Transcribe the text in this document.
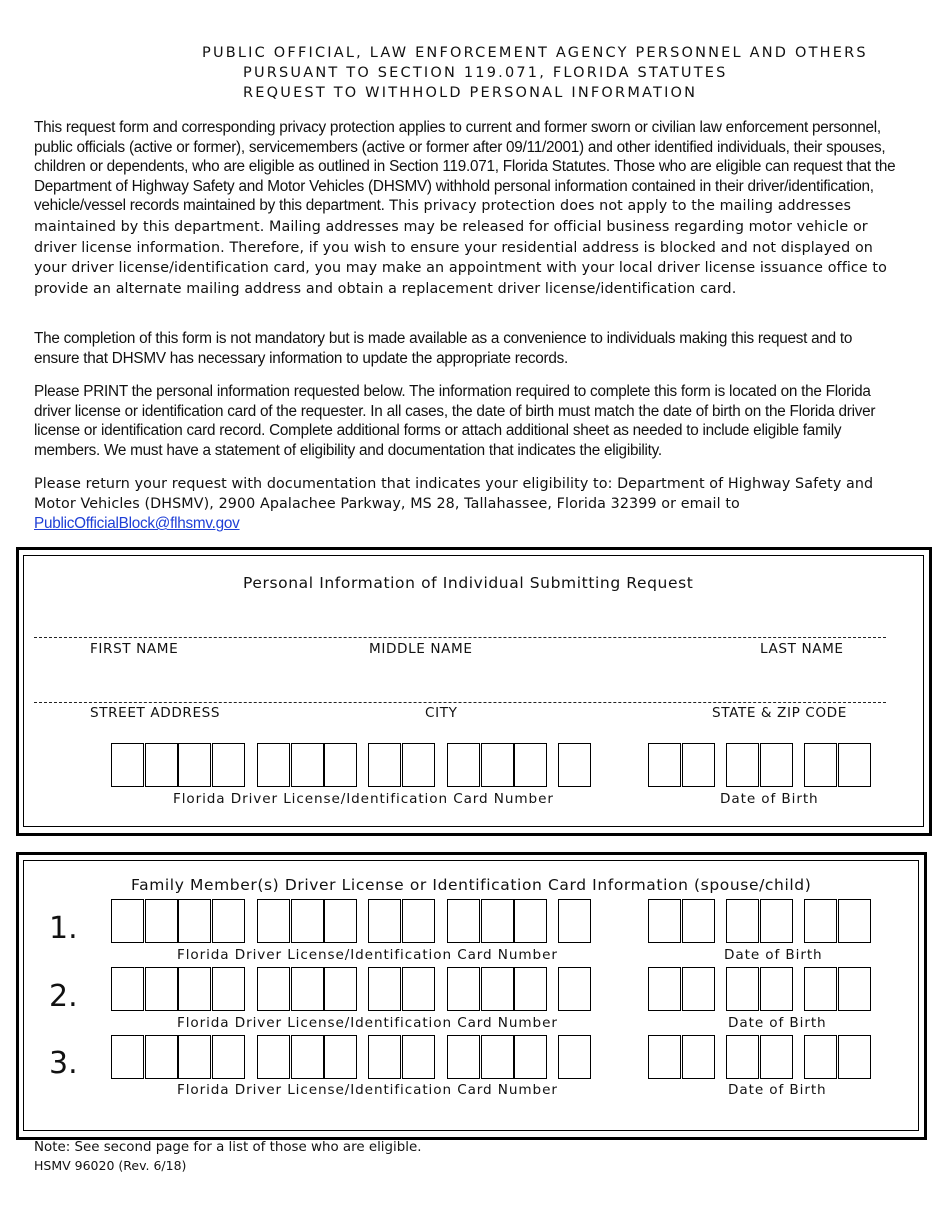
PUBLIC OFFICIAL, LAW ENFORCEMENT AGENCY PERSONNEL AND OTHERS
PURSUANT TO SECTION 119.071, FLORIDA STATUTES
REQUEST TO WITHHOLD PERSONAL INFORMATION

This request form and corresponding privacy protection applies to current and former sworn or civilian law enforcement personnel, public officials (active or former), servicemembers (active or former after 09/11/2001) and other identified individuals, their spouses, children or dependents, who are eligible as outlined in Section 119.071, Florida Statutes. Those who are eligible can request that the Department of Highway Safety and Motor Vehicles (DHSMV) withhold personal information contained in their driver/identification, vehicle/vessel records maintained by this department. This privacy protection does not apply to the mailing addresses maintained by this department. Mailing addresses may be released for official business regarding motor vehicle or driver license information. Therefore, if you wish to ensure your residential address is blocked and not displayed on your driver license/identification card, you may make an appointment with your local driver license issuance office to provide an alternate mailing address and obtain a replacement driver license/identification card.

The completion of this form is not mandatory but is made available as a convenience to individuals making this request and to ensure that DHSMV has necessary information to update the appropriate records.

Please PRINT the personal information requested below. The information required to complete this form is located on the Florida driver license or identification card of the requester. In all cases, the date of birth must match the date of birth on the Florida driver license or identification card record. Complete additional forms or attach additional sheet as needed to include eligible family members. We must have a statement of eligibility and documentation that indicates the eligibility.

Please return your request with documentation that indicates your eligibility to: Department of Highway Safety and Motor Vehicles (DHSMV), 2900 Apalachee Parkway, MS 28, Tallahassee, Florida 32399 or email to PublicOfficialBlock@flhsmv.gov

Personal Information of Individual Submitting Request
FIRST NAME	MIDDLE NAME	LAST NAME
STREET ADDRESS	CITY	STATE & ZIP CODE
Florida Driver License/Identification Card Number	Date of Birth
Family Member(s) Driver License or Identification Card Information (spouse/child)
1.
Florida Driver License/Identification Card Number	Date of Birth
2.
Florida Driver License/Identification Card Number	Date of Birth
3.
Florida Driver License/Identification Card Number	Date of Birth
Note: See second page for a list of those who are eligible.
HSMV 96020 (Rev. 6/18)
